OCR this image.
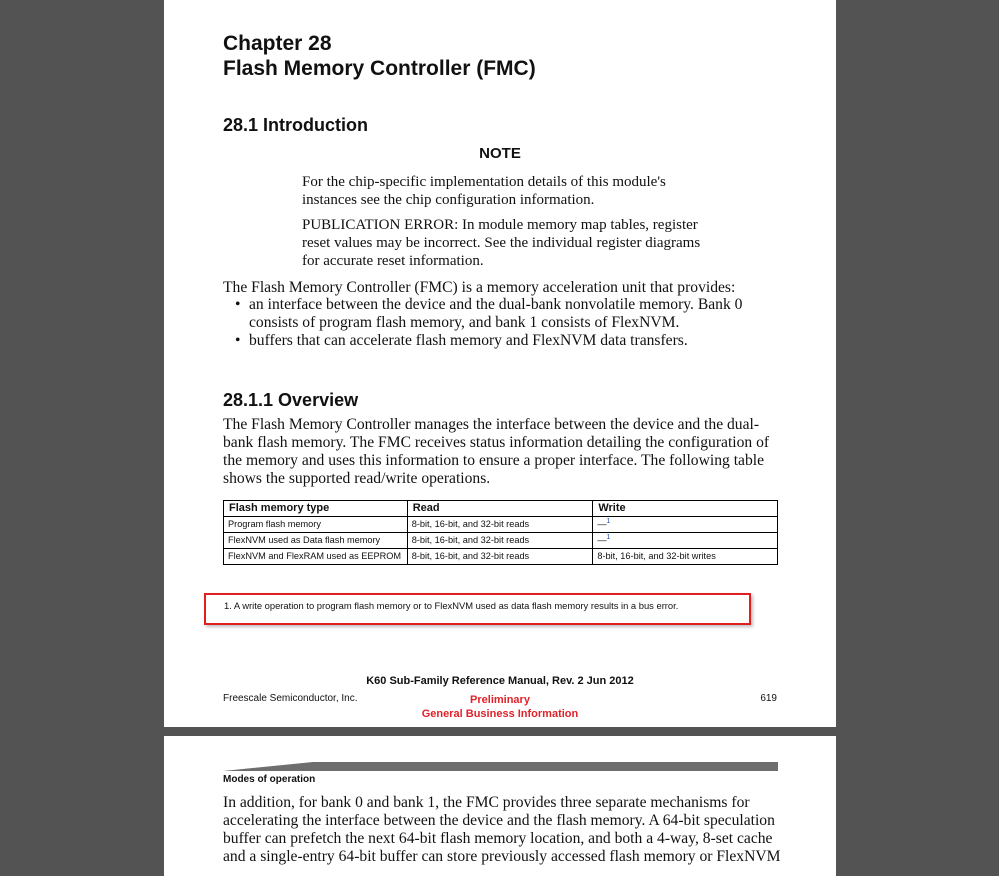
Chapter 28
Flash Memory Controller (FMC)
28.1 Introduction
NOTE
For the chip-specific implementation details of this module's instances see the chip configuration information.
PUBLICATION ERROR: In module memory map tables, register reset values may be incorrect. See the individual register diagrams for accurate reset information.
The Flash Memory Controller (FMC) is a memory acceleration unit that provides:
• an interface between the device and the dual-bank nonvolatile memory. Bank 0 consists of program flash memory, and bank 1 consists of FlexNVM.
• buffers that can accelerate flash memory and FlexNVM data transfers.
28.1.1 Overview
The Flash Memory Controller manages the interface between the device and the dual-bank flash memory. The FMC receives status information detailing the configuration of the memory and uses this information to ensure a proper interface. The following table shows the supported read/write operations.
Flash memory type	Read	Write
Program flash memory	8-bit, 16-bit, and 32-bit reads	—$^1$
FlexNVM used as Data flash memory	8-bit, 16-bit, and 32-bit reads	—$^1$
FlexNVM and FlexRAM used as EEPROM	8-bit, 16-bit, and 32-bit reads	8-bit, 16-bit, and 32-bit writes
1. A write operation to program flash memory or to FlexNVM used as data flash memory results in a bus error.
K60 Sub-Family Reference Manual, Rev. 2 Jun 2012
Freescale Semiconductor, Inc.	Preliminary
General Business Information
619
Modes of operation
In addition, for bank 0 and bank 1, the FMC provides three separate mechanisms for accelerating the interface between the device and the flash memory. A 64-bit speculation buffer can prefetch the next 64-bit flash memory location, and both a 4-way, 8-set cache and a single-entry 64-bit buffer can store previously accessed flash memory or FlexNVM
